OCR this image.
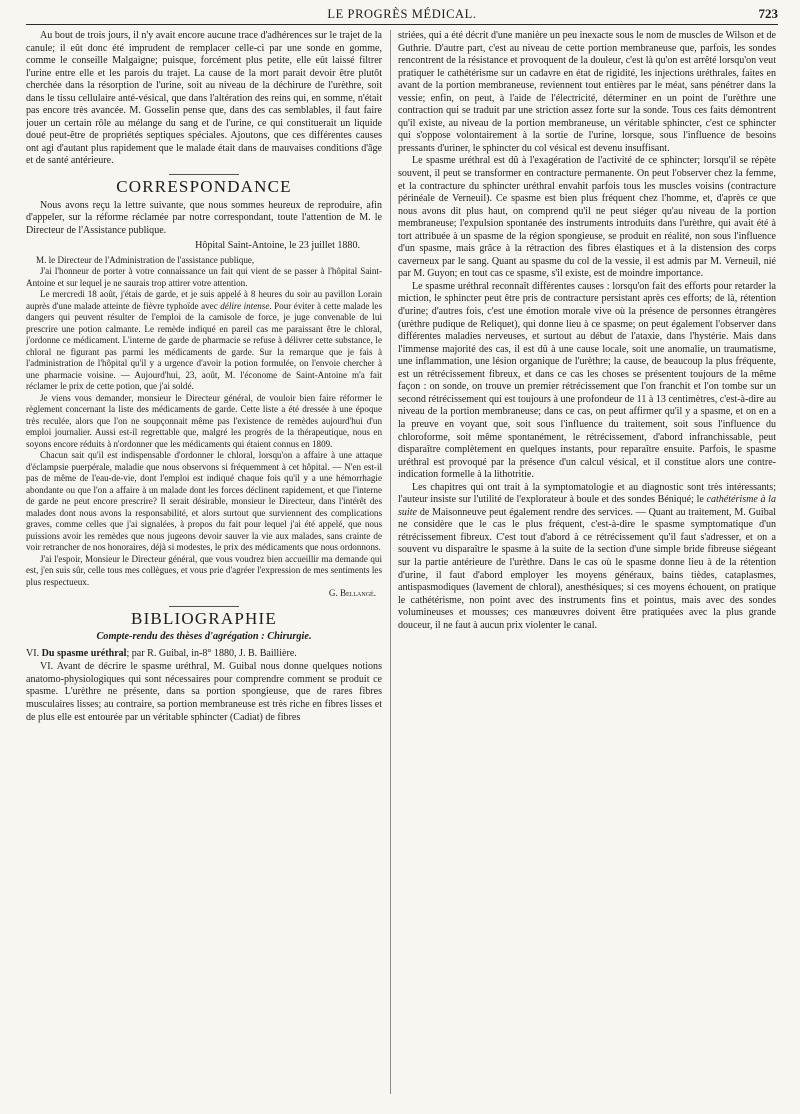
LE PROGRÈS MÉDICAL.	723

Au bout de trois jours, il n'y avait encore aucune trace d'adhérences sur le trajet de la canule; il eût donc été imprudent de remplacer celle-ci par une sonde en gomme, comme le conseille Malgaigne; puisque, forcément plus petite, elle eût laissé filtrer l'urine entre elle et les parois du trajet. La cause de la mort parait devoir être plutôt cherchée dans la résorption de l'urine, soit au niveau de la déchirure de l'urèthre, soit dans le tissu cellulaire anté-vésical, que dans l'altération des reins qui, en somme, n'était pas encore très avancée. M. Gosselin pense que, dans des cas semblables, il faut faire jouer un certain rôle au mélange du sang et de l'urine, ce qui constituerait un liquide doué peut-être de propriétés septiques spéciales. Ajoutons, que ces différentes causes ont agi d'autant plus rapidement que le malade était dans de mauvaises conditions d'âge et de santé antérieure.

CORRESPONDANCE

Nous avons reçu la lettre suivante, que nous sommes heureux de reproduire, afin d'appeler, sur la réforme réclamée par notre correspondant, toute l'attention de M. le Directeur de l'Assistance publique.

Hôpital Saint-Antoine, le 23 juillet 1880.

M. le Directeur de l'Administration de l'assistance publique,

J'ai l'honneur de porter à votre connaissance un fait qui vient de se passer à l'hôpital Saint-Antoine et sur lequel je ne saurais trop attirer votre attention.

Le mercredi 18 août, j'étais de garde, et je suis appelé à 8 heures du soir au pavillon Lorain auprès d'une malade atteinte de fièvre typhoïde avec délire intense. Pour éviter à cette malade les dangers qui peuvent résulter de l'emploi de la camisole de force, je juge convenable de lui prescrire une potion calmante. Le remède indiqué en pareil cas me paraissant être le chloral, j'ordonne ce médicament. L'interne de garde de pharmacie se refuse à délivrer cette substance, le chloral ne figurant pas parmi les médicaments de garde. Sur la remarque que je fais à l'administration de l'hôpital qu'il y a urgence d'avoir la potion formulée, on l'envoie chercher à une pharmacie voisine. — Aujourd'hui, 23, août, M. l'économe de Saint-Antoine m'a fait réclamer le prix de cette potion, que j'ai soldé.

Je viens vous demander, monsieur le Directeur général, de vouloir bien faire réformer le règlement concernant la liste des médicaments de garde. Cette liste a été dressée à une époque très reculée, alors que l'on ne soupçonnait même pas l'existence de remèdes aujourd'hui d'un emploi journalier. Aussi est-il regrettable que, malgré les progrès de la thérapeutique, nous en soyons encore réduits à n'ordonner que les médicaments qui étaient connus en 1809.

Chacun sait qu'il est indispensable d'ordonner le chloral, lorsqu'on a affaire à une attaque d'éclampsie puerpérale, maladie que nous observons si fréquemment à cet hôpital. — N'en est-il pas de même de l'eau-de-vie, dont l'emploi est indiqué chaque fois qu'il y a une hémorrhagie abondante ou que l'on a affaire à un malade dont les forces déclinent rapidement, et que l'interne de garde ne peut encore prescrire? Il serait désirable, monsieur le Directeur, dans l'intérêt des malades dont nous avons la responsabilité, et alors surtout que surviennent des complications graves, comme celles que j'ai signalées, à propos du fait pour lequel j'ai été appelé, que nous puissions avoir les remèdes que nous jugeons devoir sauver la vie aux malades, sans crainte de voir retrancher de nos honoraires, déjà si modestes, le prix des médicaments que nous ordonnons.

J'ai l'espoir, Monsieur le Directeur général, que vous voudrez bien accueillir ma demande qui est, j'en suis sûr, celle tous mes collègues, et vous prie d'agréer l'expression de mes sentiments les plus respectueux.

G. Bellangé.

BIBLIOGRAPHIE

Compte-rendu des thèses d'agrégation : Chirurgie.

VI. Du spasme uréthral; par R. Guibal, in-8° 1880, J. B. Baillière.

VI. Avant de décrire le spasme uréthral, M. Guibal nous donne quelques notions anatomo-physiologiques qui sont nécessaires pour comprendre comment se produit ce spasme. L'urèthre ne présente, dans sa portion spongieuse, que de rares fibres musculaires lisses; au contraire, sa portion membraneuse est très riche en fibres lisses et de plus elle est entourée par un véritable sphincter (Cadiat) de fibres

striées, qui a été décrit d'une manière un peu inexacte sous le nom de muscles de Wilson et de Guthrie. D'autre part, c'est au niveau de cette portion membraneuse que, parfois, les sondes rencontrent de la résistance et provoquent de la douleur, c'est là qu'on est arrêté lorsqu'on veut pratiquer le cathétérisme sur un cadavre en état de rigidité, les injections uréthrales, faites en avant de la portion membraneuse, reviennent tout entières par le méat, sans pénétrer dans la vessie; enfin, on peut, à l'aide de l'électricité, déterminer en un point de l'urèthre une contraction qui se traduit par une striction assez forte sur la sonde. Tous ces faits démontrent qu'il existe, au niveau de la portion membraneuse, un véritable sphincter, c'est ce sphincter qui s'oppose volontairement à la sortie de l'urine, lorsque, sous l'influence de besoins pressants d'uriner, le sphincter du col vésical est devenu insuffisant.

Le spasme uréthral est dû à l'exagération de l'activité de ce sphincter; lorsqu'il se répète souvent, il peut se transformer en contracture permanente. On peut l'observer chez la femme, et la contracture du sphincter uréthral envahit parfois tous les muscles voisins (contracture périnéale de Verneuil). Ce spasme est bien plus fréquent chez l'homme, et, d'après ce que nous avons dit plus haut, on comprend qu'il ne peut siéger qu'au niveau de la portion membraneuse; l'expulsion spontanée des instruments introduits dans l'urèthre, qui avait été à tort attribuée à un spasme de la région spongieuse, se produit en réalité, non sous l'influence d'un spasme, mais grâce à la rétraction des fibres élastiques et à la distension des corps caverneux par le sang. Quant au spasme du col de la vessie, il est admis par M. Verneuil, nié par M. Guyon; en tout cas ce spasme, s'il existe, est de moindre importance.

Le spasme uréthral reconnaît différentes causes : lorsqu'on fait des efforts pour retarder la miction, le sphincter peut être pris de contracture persistant après ces efforts; de là, rétention d'urine; d'autres fois, c'est une émotion morale vive où la présence de personnes étrangères (urèthre pudique de Reliquet), qui donne lieu à ce spasme; on peut également l'observer dans différentes maladies nerveuses, et surtout au début de l'ataxie, dans l'hystérie. Mais dans l'immense majorité des cas, il est dû à une cause locale, soit une anomalie, un traumatisme, une inflammation, une lésion organique de l'urèthre; la cause, de beaucoup la plus fréquente, est un rétrécissement fibreux, et dans ce cas les choses se présentent toujours de la même façon : on sonde, on trouve un premier rétrécissement que l'on franchit et l'on tombe sur un second rétrécissement qui est toujours à une profondeur de 11 à 13 centimètres, c'est-à-dire au niveau de la portion membraneuse; dans ce cas, on peut affirmer qu'il y a spasme, et on en a la preuve en voyant que, soit sous l'influence du traitement, soit sous l'influence du chloroforme, soit même spontanément, le rétrécissement, d'abord infranchissable, peut disparaître complètement en quelques instants, pour reparaître ensuite. Parfois, le spasme uréthral est provoqué par la présence d'un calcul vésical, et il constitue alors une contre-indication formelle à la lithotritie.

Les chapitres qui ont trait à la symptomatologie et au diagnostic sont très intéressants; l'auteur insiste sur l'utilité de l'explorateur à boule et des sondes Béniqué; le cathétérisme à la suite de Maisonneuve peut également rendre des services. — Quant au traitement, M. Guibal ne considère que le cas le plus fréquent, c'est-à-dire le spasme symptomatique d'un rétrécissement fibreux. C'est tout d'abord à ce rétrécissement qu'il faut s'adresser, et on a souvent vu disparaître le spasme à la suite de la section d'une simple bride fibreuse siégeant sur la partie antérieure de l'urèthre. Dans le cas où le spasme donne lieu à de la rétention d'urine, il faut d'abord employer les moyens généraux, bains tièdes, cataplasmes, antispasmodiques (lavement de chloral), anesthésiques; si ces moyens échouent, on pratique le cathétérisme, non point avec des instruments fins et pointus, mais avec des sondes volumineuses et mousses; ces manœuvres doivent être pratiquées avec la plus grande douceur, il ne faut à aucun prix violenter le canal.
